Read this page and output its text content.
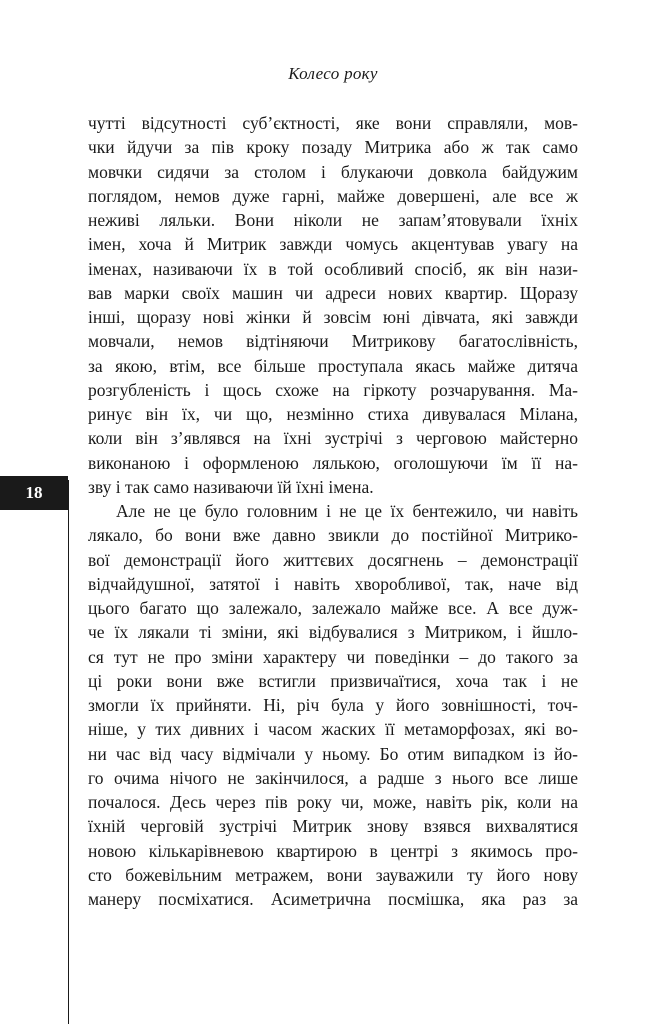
18
Колесо року
чутті відсутності суб’єктності, яке вони справляли, мов-
чки йдучи за пів кроку позаду Митрика або ж так само
мовчки сидячи за столом і блукаючи довкола байдужим
поглядом, немов дуже гарні, майже довершені, але все ж
неживі ляльки. Вони ніколи не запам’ятовували їхніх
імен, хоча й Митрик завжди чомусь акцентував увагу на
іменах, називаючи їх в той особливий спосіб, як він нази-
вав марки своїх машин чи адреси нових квартир. Щоразу
інші, щоразу нові жінки й зовсім юні дівчата, які завжди
мовчали, немов відтіняючи Митрикову багатослівність,
за якою, втім, все більше проступала якась майже дитяча
розгубленість і щось схоже на гіркоту розчарування. Ма-
ринує він їх, чи що, незмінно стиха дивувалася Мілана,
коли він з’являвся на їхні зустрічі з черговою майстерно
виконаною і оформленою лялькою, оголошуючи їм її на-
зву і так само називаючи їй їхні імена.
Але не це було головним і не це їх бентежило, чи навіть
лякало, бо вони вже давно звикли до постійної Митрико-
вої демонстрації його життєвих досягнень – демонстрації
відчайдушної, затятої і навіть хворобливої, так, наче від
цього багато що залежало, залежало майже все. А все дуж-
че їх лякали ті зміни, які відбувалися з Митриком, і йшло-
ся тут не про зміни характеру чи поведінки – до такого за
ці роки вони вже встигли призвичаїтися, хоча так і не
змогли їх прийняти. Ні, річ була у його зовнішності, точ-
ніше, у тих дивних і часом жаских її метаморфозах, які во-
ни час від часу відмічали у ньому. Бо отим випадком із йо-
го очима нічого не закінчилося, а радше з нього все лише
почалося. Десь через пів року чи, може, навіть рік, коли на
їхній черговій зустрічі Митрик знову взявся вихвалятися
новою кількарівневою квартирою в центрі з якимось про-
сто божевільним метражем, вони зауважили ту його нову
манеру посміхатися. Асиметрична посмішка, яка раз за
